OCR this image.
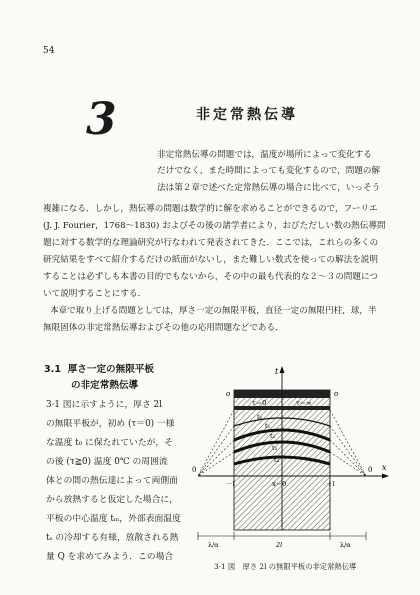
54
3	非定常熱伝導
非定常熱伝導の問題では，温度が場所によって変化する
だけでなく，また時間によっても変化するので，問題の解
法は第２章で述べた定常熱伝導の場合に比べて，いっそう
複雑になる．しかし，熱伝導の問題は数学的に解を求めることができるので，フーリエ
(J. J. Fourier，1768～1830) およびその後の諸学者により，おびただしい数の熱伝導問
題に対する数学的な理論研究が行なわれて発表されてきた．ここでは，これらの多くの
研究結果をすべて紹介するだけの紙面がないし，また難しい数式を使っての解法を説明
することは必ずしも本書の目的でもないから，その中の最も代表的な２～３の問題につ
いて説明することにする．
本章で取り上げる問題としては，厚さ一定の無限平板，直径一定の無限円柱，球，半
無限固体の非定常熱伝導およびその他の応用問題などである．
3.1 厚さ一定の無限平板
の非定常熱伝導
3·1 図に示すように，厚さ 2l
の無限平板が，初め (τ＝0) 一様
な温度 t₀ に保たれていたが，そ
の後 (τ≧0) 温度 0℃ の周囲流
体との間の熱伝達によって両側面
から放熱すると仮定した場合に，
平板の中心温度 tₘ，外部表面温度
tₛ の冷却する有様，放散される熱
量 Q を求めてみよう．この場合
t
x
o	o
τ＝0	τ＝∞
t₀
t₁
t₂
t₃
t₄
0	0
－l	＋l
x＝0
λ/α	2l	λ/α
3·1 図　厚さ 2l の無限平板の非定常熱伝導
